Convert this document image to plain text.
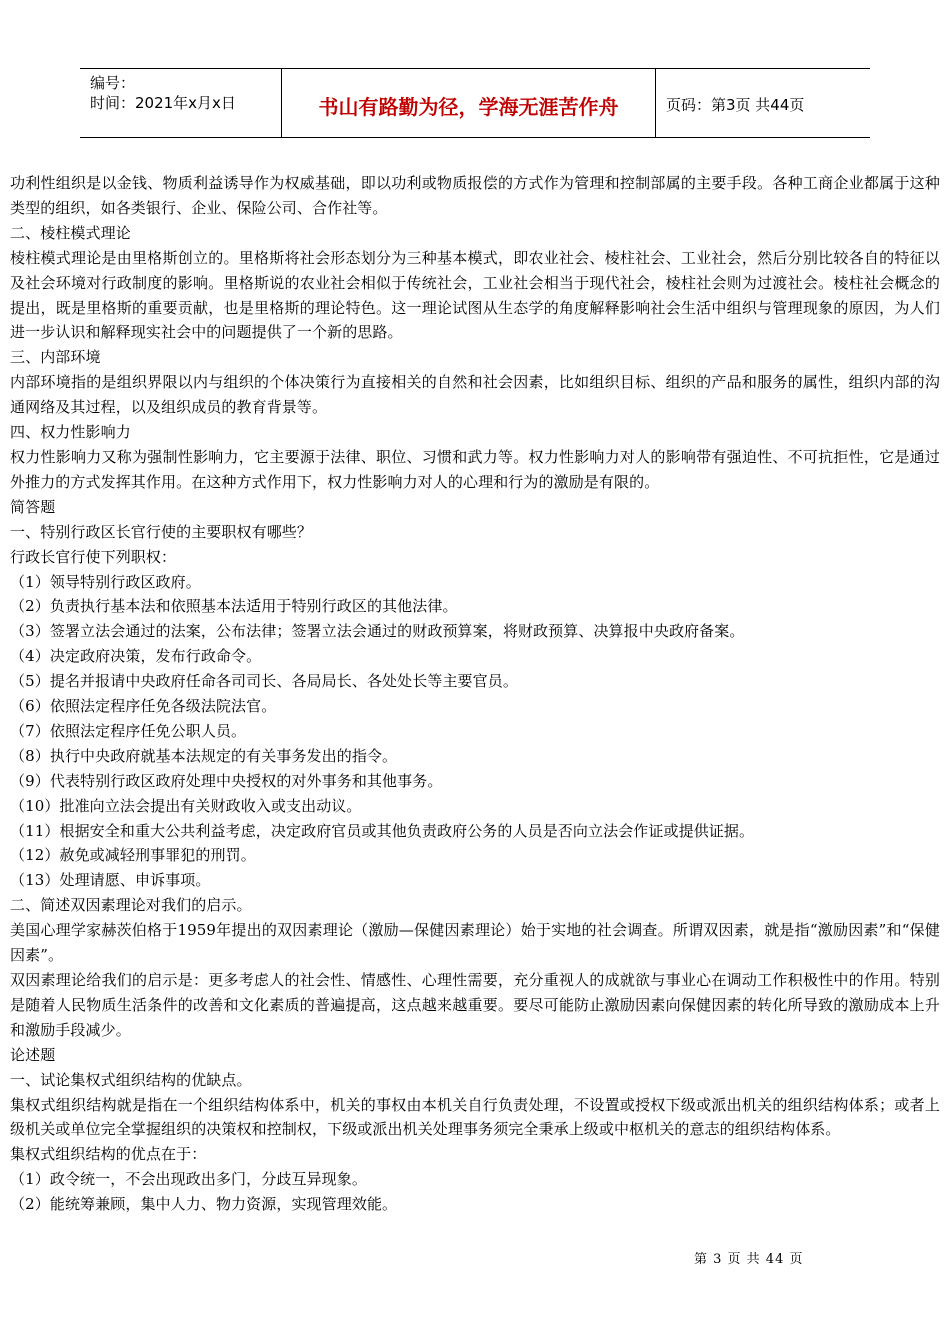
编号：
时间：2021年x月x日	书山有路勤为径，学海无涯苦作舟	页码：第3页 共44页

功利性组织是以金钱、物质利益诱导作为权威基础，即以功利或物质报偿的方式作为管理和控制部属的主要手段。各种工商企业都属于这种类型的组织，如各类银行、企业、保险公司、合作社等。

二、棱柱模式理论

棱柱模式理论是由里格斯创立的。里格斯将社会形态划分为三种基本模式，即农业社会、棱柱社会、工业社会，然后分别比较各自的特征以及社会环境对行政制度的影响。里格斯说的农业社会相似于传统社会，工业社会相当于现代社会，棱柱社会则为过渡社会。棱柱社会概念的提出，既是里格斯的重要贡献，也是里格斯的理论特色。这一理论试图从生态学的角度解释影响社会生活中组织与管理现象的原因，为人们进一步认识和解释现实社会中的问题提供了一个新的思路。

三、内部环境

内部环境指的是组织界限以内与组织的个体决策行为直接相关的自然和社会因素，比如组织目标、组织的产品和服务的属性，组织内部的沟通网络及其过程，以及组织成员的教育背景等。

四、权力性影响力

权力性影响力又称为强制性影响力，它主要源于法律、职位、习惯和武力等。权力性影响力对人的影响带有强迫性、不可抗拒性，它是通过外推力的方式发挥其作用。在这种方式作用下，权力性影响力对人的心理和行为的激励是有限的。

简答题

一、特别行政区长官行使的主要职权有哪些？

行政长官行使下列职权：

（1）领导特别行政区政府。

（2）负责执行基本法和依照基本法适用于特别行政区的其他法律。

（3）签署立法会通过的法案，公布法律；签署立法会通过的财政预算案，将财政预算、决算报中央政府备案。

（4）决定政府决策，发布行政命令。

（5）提名并报请中央政府任命各司司长、各局局长、各处处长等主要官员。

（6）依照法定程序任免各级法院法官。

（7）依照法定程序任免公职人员。

（8）执行中央政府就基本法规定的有关事务发出的指令。

（9）代表特别行政区政府处理中央授权的对外事务和其他事务。

（10）批准向立法会提出有关财政收入或支出动议。

（11）根据安全和重大公共利益考虑，决定政府官员或其他负责政府公务的人员是否向立法会作证或提供证据。

（12）赦免或减轻刑事罪犯的刑罚。

（13）处理请愿、申诉事项。

二、简述双因素理论对我们的启示。

美国心理学家赫茨伯格于1959年提出的双因素理论（激励—保健因素理论）始于实地的社会调查。所谓双因素，就是指“激励因素”和“保健因素”。

双因素理论给我们的启示是：更多考虑人的社会性、情感性、心理性需要，充分重视人的成就欲与事业心在调动工作积极性中的作用。特别是随着人民物质生活条件的改善和文化素质的普遍提高，这点越来越重要。要尽可能防止激励因素向保健因素的转化所导致的激励成本上升和激励手段减少。

论述题

一、试论集权式组织结构的优缺点。

集权式组织结构就是指在一个组织结构体系中，机关的事权由本机关自行负责处理，不设置或授权下级或派出机关的组织结构体系；或者上级机关或单位完全掌握组织的决策权和控制权，下级或派出机关处理事务须完全秉承上级或中枢机关的意志的组织结构体系。

集权式组织结构的优点在于：

（1）政令统一，不会出现政出多门，分歧互异现象。

（2）能统筹兼顾，集中人力、物力资源，实现管理效能。

第 3 页 共 44 页
